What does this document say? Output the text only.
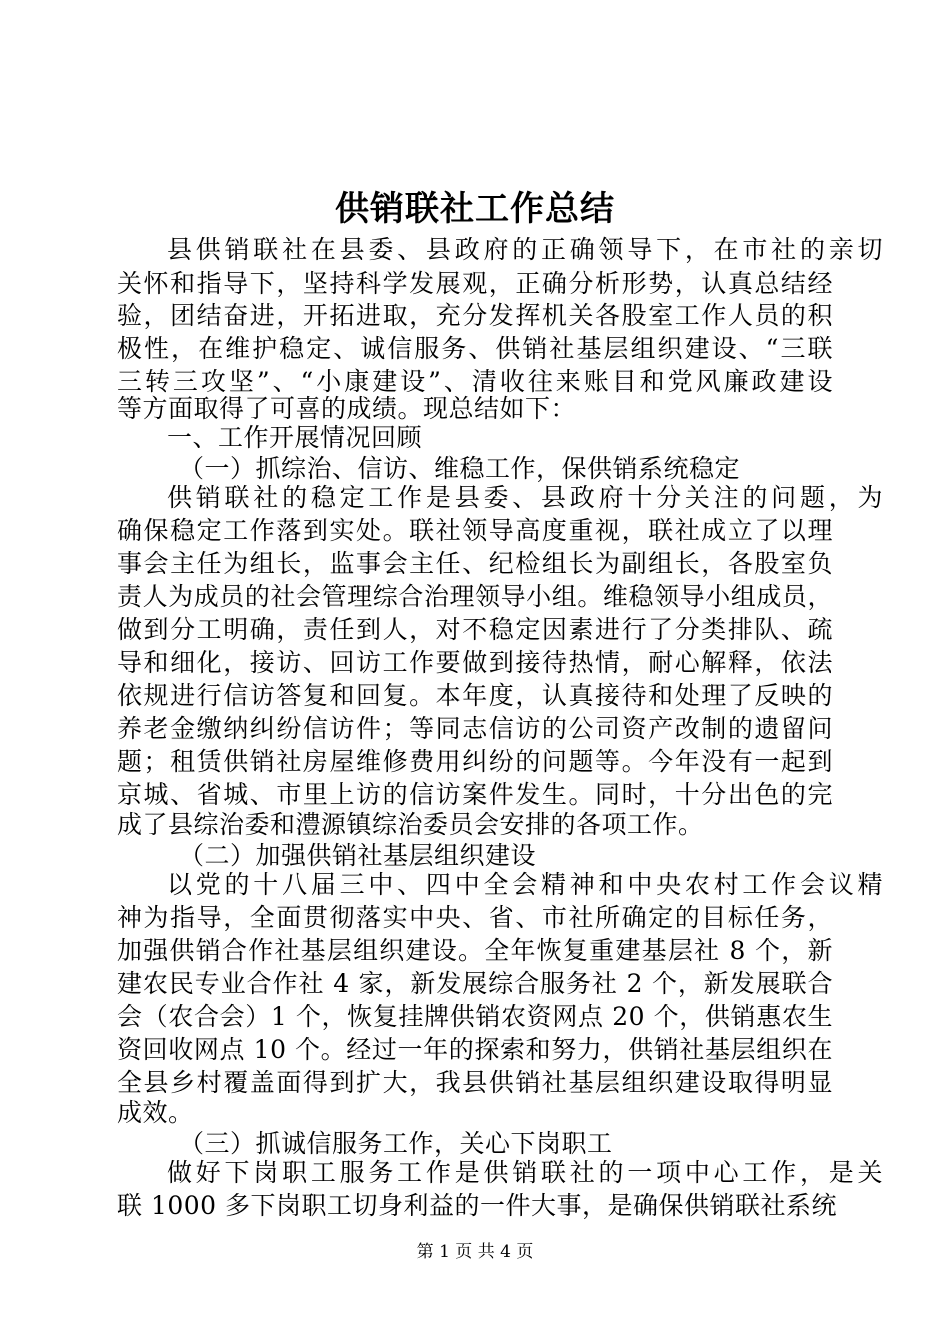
供销联社工作总结
县供销联社在县委、县政府的正确领导下，在市社的亲切
关怀和指导下，坚持科学发展观，正确分析形势，认真总结经
验，团结奋进，开拓进取，充分发挥机关各股室工作人员的积
极性，在维护稳定、诚信服务、供销社基层组织建设、“三联
三转三攻坚”、“小康建设”、清收往来账目和党风廉政建设
等方面取得了可喜的成绩。现总结如下：
一、工作开展情况回顾
（一）抓综治、信访、维稳工作，保供销系统稳定
供销联社的稳定工作是县委、县政府十分关注的问题，为
确保稳定工作落到实处。联社领导高度重视，联社成立了以理
事会主任为组长，监事会主任、纪检组长为副组长，各股室负
责人为成员的社会管理综合治理领导小组。维稳领导小组成员，
做到分工明确，责任到人，对不稳定因素进行了分类排队、疏
导和细化，接访、回访工作要做到接待热情，耐心解释，依法
依规进行信访答复和回复。本年度，认真接待和处理了反映的
养老金缴纳纠纷信访件；等同志信访的公司资产改制的遗留问
题；租赁供销社房屋维修费用纠纷的问题等。今年没有一起到
京城、省城、市里上访的信访案件发生。同时，十分出色的完
成了县综治委和澧源镇综治委员会安排的各项工作。
（二）加强供销社基层组织建设
以党的十八届三中、四中全会精神和中央农村工作会议精
神为指导，全面贯彻落实中央、省、市社所确定的目标任务，
加强供销合作社基层组织建设。全年恢复重建基层社 8 个，新
建农民专业合作社 4 家，新发展综合服务社 2 个，新发展联合
会（农合会）1 个，恢复挂牌供销农资网点 20 个，供销惠农生
资回收网点 10 个。经过一年的探索和努力，供销社基层组织在
全县乡村覆盖面得到扩大，我县供销社基层组织建设取得明显
成效。
（三）抓诚信服务工作，关心下岗职工
做好下岗职工服务工作是供销联社的一项中心工作，是关
联 1000 多下岗职工切身利益的一件大事，是确保供销联社系统
第 1 页 共 4 页
